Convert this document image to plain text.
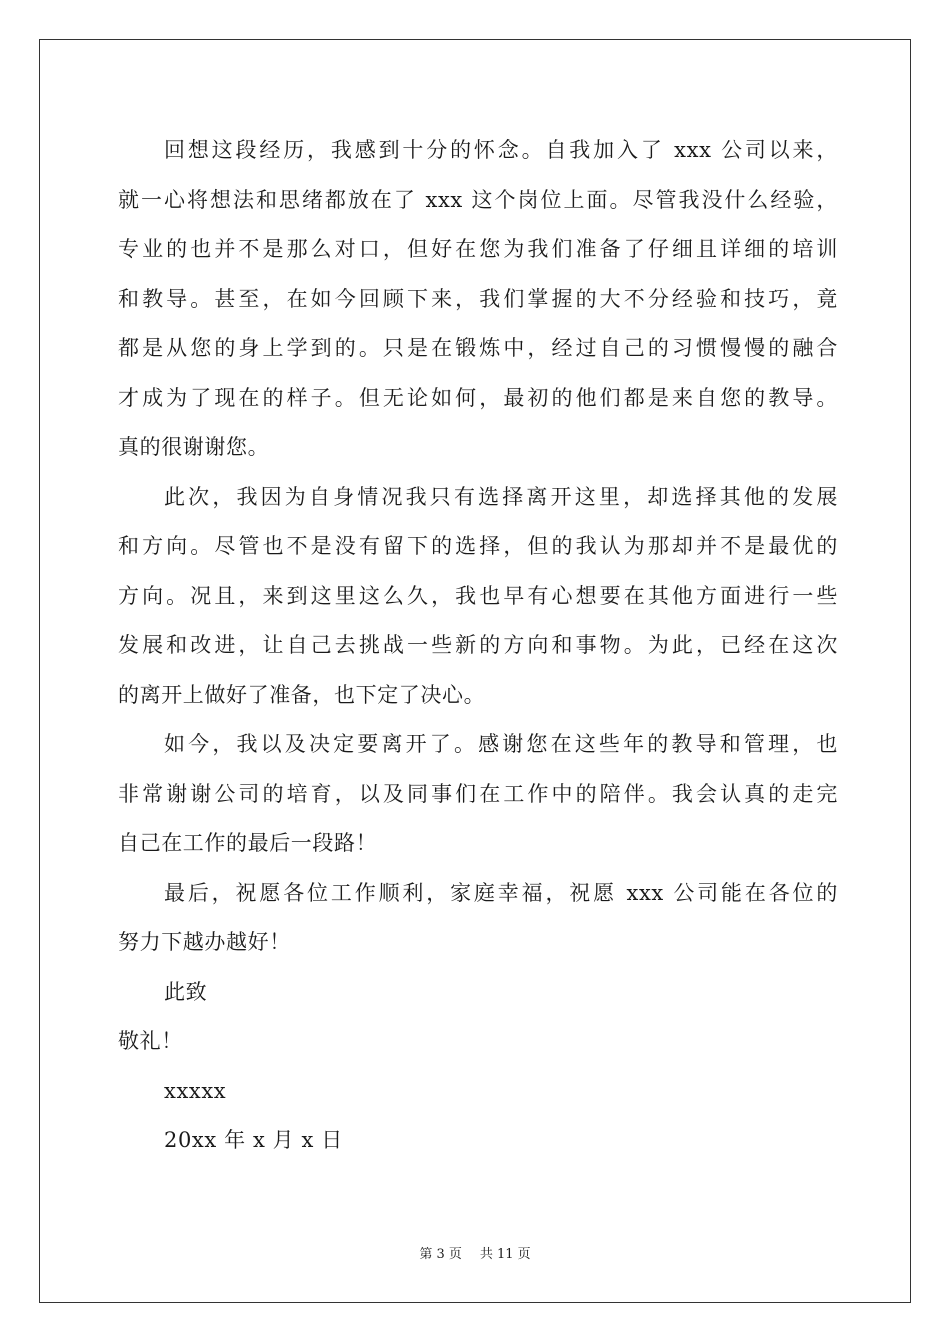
回想这段经历，我感到十分的怀念。自我加入了 xxx 公司以来，
就一心将想法和思绪都放在了 xxx 这个岗位上面。尽管我没什么经验，
专业的也并不是那么对口，但好在您为我们准备了仔细且详细的培训
和教导。甚至，在如今回顾下来，我们掌握的大不分经验和技巧，竟
都是从您的身上学到的。只是在锻炼中，经过自己的习惯慢慢的融合
才成为了现在的样子。但无论如何，最初的他们都是来自您的教导。
真的很谢谢您。
此次，我因为自身情况我只有选择离开这里，却选择其他的发展
和方向。尽管也不是没有留下的选择，但的我认为那却并不是最优的
方向。况且，来到这里这么久，我也早有心想要在其他方面进行一些
发展和改进，让自己去挑战一些新的方向和事物。为此，已经在这次
的离开上做好了准备，也下定了决心。
如今，我以及决定要离开了。感谢您在这些年的教导和管理，也
非常谢谢公司的培育，以及同事们在工作中的陪伴。我会认真的走完
自己在工作的最后一段路！
最后，祝愿各位工作顺利，家庭幸福，祝愿 xxx 公司能在各位的
努力下越办越好！
此致
敬礼！
xxxxx
20xx 年 x 月 x 日
第 3 页 共 11 页
